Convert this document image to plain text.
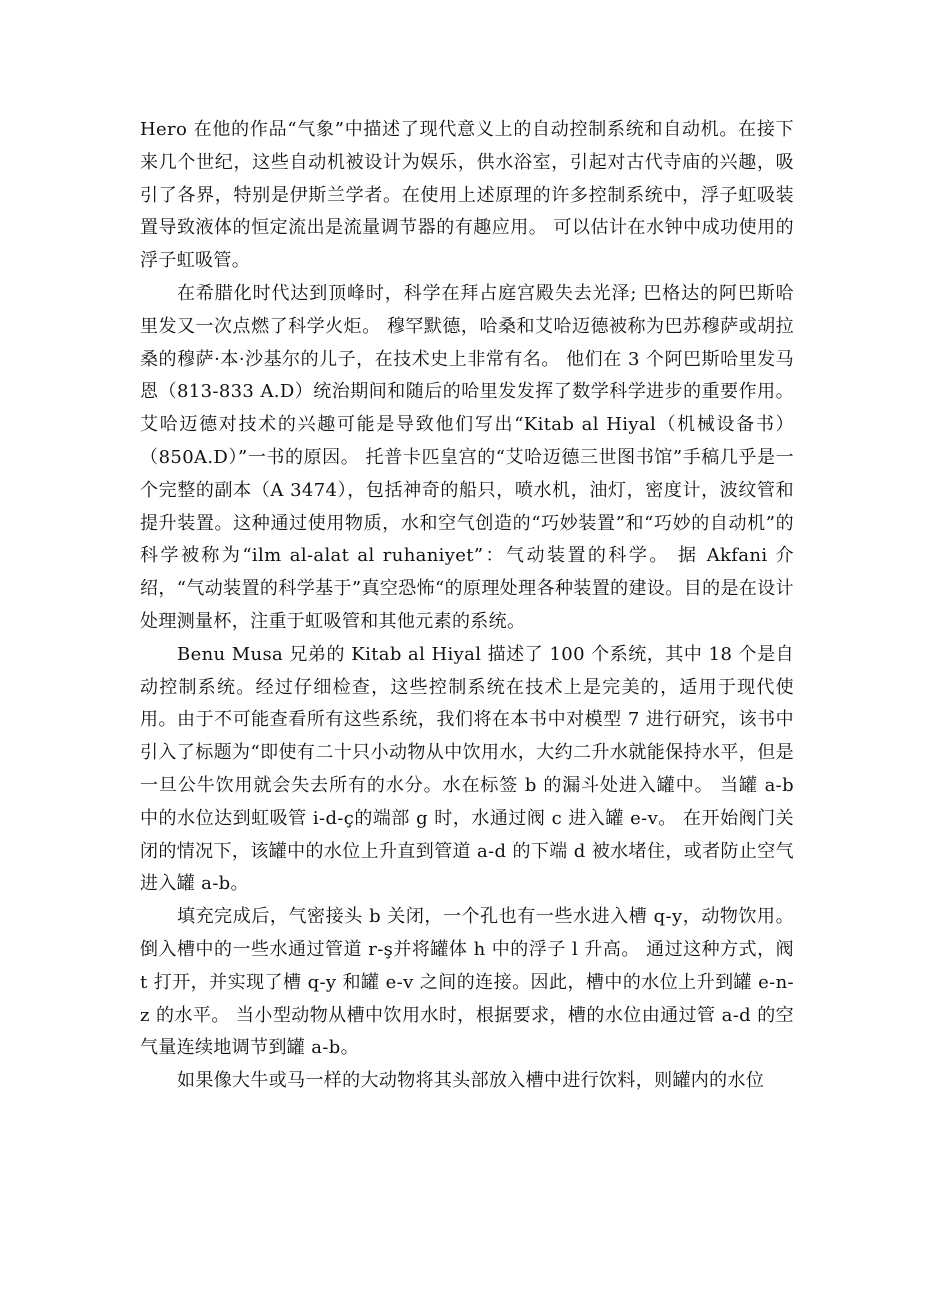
Hero 在他的作品“气象”中描述了现代意义上的自动控制系统和自动机。在接下来几个世纪，这些自动机被设计为娱乐，供水浴室，引起对古代寺庙的兴趣，吸引了各界，特别是伊斯兰学者。在使用上述原理的许多控制系统中，浮子虹吸装置导致液体的恒定流出是流量调节器的有趣应用。 可以估计在水钟中成功使用的浮子虹吸管。

在希腊化时代达到顶峰时，科学在拜占庭宫殿失去光泽; 巴格达的阿巴斯哈里发又一次点燃了科学火炬。 穆罕默德，哈桑和艾哈迈德被称为巴苏穆萨或胡拉桑的穆萨·本·沙基尔的儿子，在技术史上非常有名。 他们在 3 个阿巴斯哈里发马恩（813-833 A.D）统治期间和随后的哈里发发挥了数学科学进步的重要作用。艾哈迈德对技术的兴趣可能是导致他们写出“Kitab al Hiyal（机械设备书）（850A.D）”一书的原因。 托普卡匹皇宫的“艾哈迈德三世图书馆”手稿几乎是一个完整的副本（A 3474），包括神奇的船只，喷水机，油灯，密度计，波纹管和提升装置。这种通过使用物质，水和空气创造的“巧妙装置”和“巧妙的自动机”的科学被称为“ilm al-alat al ruhaniyet”：气动装置的科学。 据 Akfani 介绍，“气动装置的科学基于”真空恐怖“的原理处理各种装置的建设。目的是在设计处理测量杯，注重于虹吸管和其他元素的系统。

Benu Musa 兄弟的 Kitab al Hiyal 描述了 100 个系统，其中 18 个是自动控制系统。经过仔细检查，这些控制系统在技术上是完美的，适用于现代使用。由于不可能查看所有这些系统，我们将在本书中对模型 7 进行研究，该书中引入了标题为“即使有二十只小动物从中饮用水，大约二升水就能保持水平，但是一旦公牛饮用就会失去所有的水分。水在标签 b 的漏斗处进入罐中。 当罐 a-b 中的水位达到虹吸管 i-d-ç的端部 g 时，水通过阀 c 进入罐 e-v。 在开始阀门关闭的情况下，该罐中的水位上升直到管道 a-d 的下端 d 被水堵住，或者防止空气进入罐 a-b。

填充完成后，气密接头 b 关闭，一个孔也有一些水进入槽 q-y，动物饮用。倒入槽中的一些水通过管道 r-ş并将罐体 h 中的浮子 l 升高。 通过这种方式，阀 t 打开，并实现了槽 q-y 和罐 e-v 之间的连接。因此，槽中的水位上升到罐 e-n-z 的水平。 当小型动物从槽中饮用水时，根据要求，槽的水位由通过管 a-d 的空气量连续地调节到罐 a-b。

如果像大牛或马一样的大动物将其头部放入槽中进行饮料，则罐内的水位
